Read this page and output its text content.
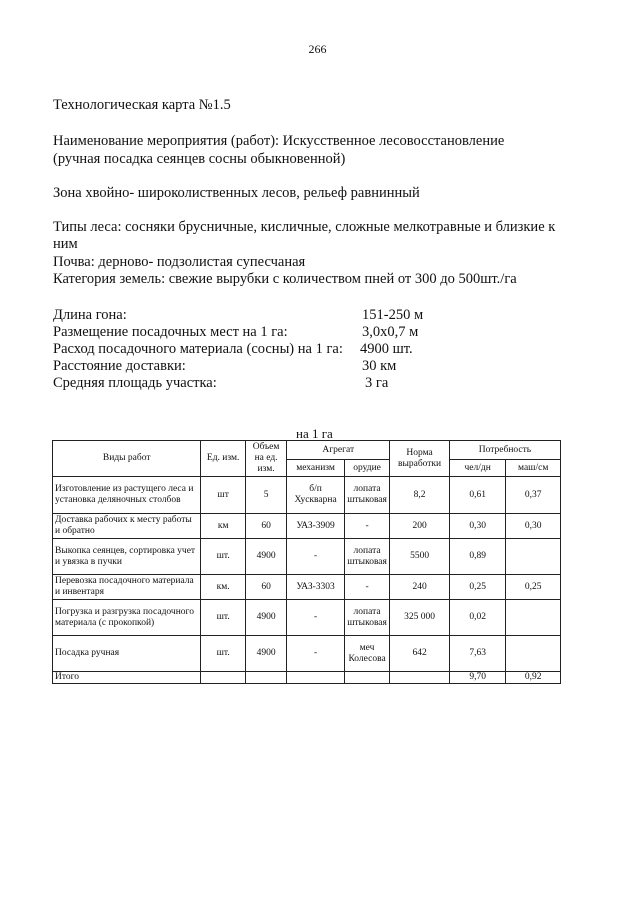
266
Технологическая карта №1.5
Наименование мероприятия (работ): Искусственное лесовосстановление
(ручная посадка сеянцев сосны обыкновенной)
Зона хвойно- широколиственных лесов, рельеф равнинный
Типы леса: сосняки брусничные, кисличные, сложные мелкотравные и близкие к
ним
Почва: дерново- подзолистая супесчаная
Категория земель: свежие вырубки с количеством пней от 300 до 500шт./га
Длина гона:	151-250 м
Размещение посадочных мест на 1 га:	3,0х0,7 м
Расход посадочного материала (сосны) на 1 га: 4900 шт.
Расстояние доставки:	30 км
Средняя площадь участка:	3 га
на 1 га
Виды работ	Ед. изм.	Объем на ед. изм.	Агрегат		Норма выработки	Потребность	
			механизм	орудие		чел/дн	маш/см
Изготовление из растущего леса и установка деляночных столбов	шт	5	б/п Хускварна	лопата штыковая	8,2	0,61	0,37
Доставка рабочих к месту работы и обратно	км	60	УАЗ-3909	-	200	0,30	0,30
Выкопка сеянцев, сортировка учет и увязка в пучки	шт.	4900	-	лопата штыковая	5500	0,89	
Перевозка посадочного материала и инвентаря	км.	60	УАЗ-3303	-	240	0,25	0,25
Погрузка и разгрузка посадочного материала (с прокопкой)	шт.	4900	-	лопата штыковая	325 000	0,02	
Посадка ручная	шт.	4900	-	меч Колесова	642	7,63	
Итого						9,70	0,92
